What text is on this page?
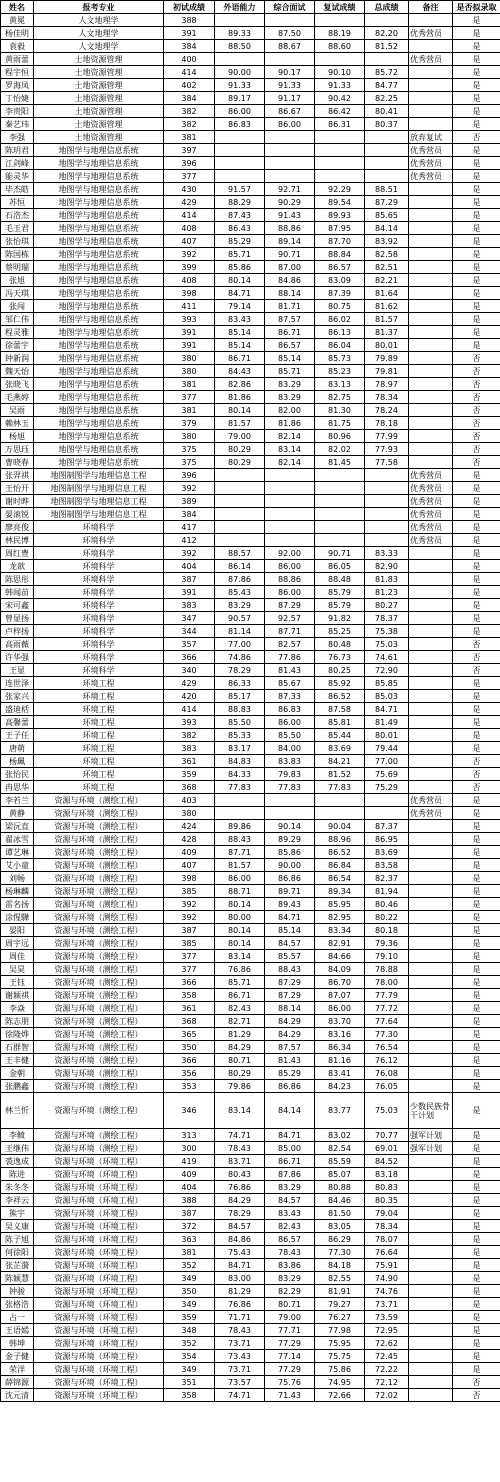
姓名	报考专业	初试成绩	外语能力	综合面试	复试成绩	总成绩	备注	是否拟录取
黄冕	人文地理学	388						是
杨佳明	人文地理学	391	89.33	87.50	88.19	82.20	优秀营员	是
袁毅	人文地理学	384	88.50	88.67	88.60	81.52		是
黄雨蕾	土地资源管理	400					优秀营员	是
程宇恒	土地资源管理	414	90.00	90.17	90.10	85.72		是
罗海凤	土地资源管理	402	91.33	91.33	91.33	84.77		是
丁怡婕	土地资源管理	384	89.17	91.17	90.42	82.25		是
李贵阳	土地资源管理	382	86.00	86.67	86.42	80.41		是
秦艺玮	土地资源管理	382	86.83	86.00	86.31	80.37		是
李强	土地资源管理	381					放弃复试	否
陈玥君	地图学与地理信息系统	397					优秀营员	是
江剑峰	地图学与地理信息系统	396					优秀营员	是
能灵华	地图学与地理信息系统	377					优秀营员	是
毕杰皓	地图学与地理信息系统	430	91.57	92.71	92.29	88.51		是
苏恒	地图学与地理信息系统	429	88.29	90.29	89.54	87.29		是
石浩杰	地图学与地理信息系统	414	87.43	91.43	89.93	85.65		是
毛玉君	地图学与地理信息系统	408	86.43	88.86	87.95	84.14		是
张怡琪	地图学与地理信息系统	407	85.29	89.14	87.70	83.92		是
陈国栋	地图学与地理信息系统	392	85.71	90.71	88.84	82.58		是
蔡明瑞	地图学与地理信息系统	399	85.86	87.00	86.57	82.51		是
张旭	地图学与地理信息系统	408	80.14	84.86	83.09	82.21		是
冯天琪	地图学与地理信息系统	398	84.71	88.14	87.39	81.64		是
张闯	地图学与地理信息系统	411	79.14	81.71	80.75	81.62		是
邹仁伟	地图学与地理信息系统	393	83.43	87.57	86.02	81.57		是
程灵雅	地图学与地理信息系统	391	85.14	86.71	86.13	81.37		是
徐蕾宇	地图学与地理信息系统	391	85.14	86.57	86.04	80.01		是
钟新润	地图学与地理信息系统	380	86.71	85.14	85.73	79.89		否
魏天怡	地图学与地理信息系统	380	84.43	85.71	85.23	79.81		否
张晓飞	地图学与地理信息系统	381	82.86	83.29	83.13	78.97		否
毛燕婷	地图学与地理信息系统	377	81.86	83.29	82.75	78.34		否
吴雨	地图学与地理信息系统	381	80.14	82.00	81.30	78.24		否
赖林玉	地图学与地理信息系统	379	81.57	81.86	81.75	78.18		否
杨旭	地图学与地理信息系统	380	79.00	82.14	80.96	77.99		否
万思珏	地图学与地理信息系统	375	80.29	83.14	82.02	77.93		否
曹晓春	地图学与地理信息系统	375	80.29	82.14	81.45	77.58		否
张羿祺	地图制图学与地理信息工程	396					优秀营员	是
王怡开	地图制图学与地理信息工程	392					优秀营员	是
谢时晔	地图制图学与地理信息工程	389					优秀营员	是
晏滚锐	地图制图学与地理信息工程	384					优秀营员	是
廖亮俊	环境科学	417					优秀营员	是
林民博	环境科学	412					优秀营员	是
周红豊	环境科学	392	88.57	92.00	90.71	83.33		是
龙歆	环境科学	404	86.14	86.00	86.05	82.90		是
陈思彤	环境科学	387	87.86	88.86	88.48	81.83		是
韩闻苗	环境科学	391	85.43	86.00	85.79	81.23		是
宋可鑫	环境科学	383	83.29	87.29	85.79	80.27		是
曾显扬	环境科学	347	90.57	92.57	91.82	78.37		是
卢梓扬	环境科学	344	81.14	87.71	85.25	75.38		是
高雨薇	环境科学	357	77.00	82.57	80.48	75.03		否
许华强	环境科学	366	74.86	77.86	76.73	74.61		否
王显	环境科学	340	78.29	81.43	80.25	72.90		否
连世泽	环境工程	429	86.33	85.67	85.92	85.85		是
张家兴	环境工程	420	85.17	87.33	86.52	85.03		是
盛迪栝	环境工程	414	88.83	86.83	87.58	84.71		是
高馨蕾	环境工程	393	85.50	86.00	85.81	81.49		是
王子任	环境工程	382	85.33	85.50	85.44	80.01		是
唐萌	环境工程	383	83.17	84.00	83.69	79.44		是
杨珮	环境工程	361	84.83	83.83	84.21	77.00		否
张怡民	环境工程	359	84.33	79.83	81.52	75.69		否
冉思华	环境工程	368	77.83	77.83	77.83	75.29		否
李若兰	资源与环境（测绘工程）	403					优秀营员	是
黄静	资源与环境（测绘工程）	380					优秀营员	是
梁沅直	资源与环境（测绘工程）	424	89.86	90.14	90.04	87.37		是
翟冰雪	资源与环境（测绘工程）	428	88.43	89.29	88.96	86.95		是
谭艺琳	资源与环境（测绘工程）	409	87.71	85.86	86.52	83.69		是
艾小童	资源与环境（测绘工程）	407	81.57	90.00	86.84	83.58		是
刘畅	资源与环境（测绘工程）	398	86.00	86.86	86.54	82.37		是
杨琳麟	资源与环境（测绘工程）	385	88.71	89.71	89.34	81.94		是
雷名扬	资源与环境（测绘工程）	392	80.14	89.43	85.95	80.46		是
涂惺驊	资源与环境（测绘工程）	392	80.00	84.71	82.95	80.22		是
晏阳	资源与环境（测绘工程）	387	80.14	85.14	83.34	80.18		是
周宇远	资源与环境（测绘工程）	385	80.14	84.57	82.91	79.36		是
周佳	资源与环境（测绘工程）	377	83.14	85.57	84.66	79.10		是
吴昊	资源与环境（测绘工程）	377	76.86	88.43	84.09	78.88		是
王钰	资源与环境（测绘工程）	366	85.71	87.29	86.70	78.00		是
谢颖祺	资源与环境（测绘工程）	358	86.71	87.29	87.07	77.79		是
李焱	资源与环境（测绘工程）	361	82.43	88.14	86.00	77.72		是
陈志朋	资源与环境（测绘工程）	368	82.71	84.29	83.70	77.64		是
徐隆烨	资源与环境（测绘工程）	365	81.29	84.29	83.16	77.30		是
石群智	资源与环境（测绘工程）	350	84.29	87.57	86.34	76.54		是
王丰健	资源与环境（测绘工程）	366	80.71	81.43	81.16	76.12		是
金朝	资源与环境（测绘工程）	356	80.29	85.29	83.41	76.08		是
张鹏鑫	资源与环境（测绘工程）	353	79.86	86.86	84.23	76.05		是
林兰忻	资源与环境（测绘工程）	346	83.14	84.14	83.77	75.03	少数民族骨干计划	是
李鲼	资源与环境（测绘工程）	313	74.71	84.71	83.02	70.77	强军计划	是
王继伟	资源与环境（测绘工程）	300	78.43	85.00	82.54	69.01	强军计划	是
裘逸成	资源与环境（环境工程）	419	83.71	86.71	85.59	84.52		是
陈进	资源与环境（环境工程）	409	80.43	87.86	85.07	83.18		是
朱冬冬	资源与环境（环境工程）	404	76.86	83.29	80.88	80.83		是
李祥云	资源与环境（环境工程）	388	84.29	84.57	84.46	80.35		是
熊宇	资源与环境（环境工程）	387	78.29	83.43	81.50	79.04		是
吴义康	资源与环境（环境工程）	372	84.57	82.43	83.05	78.34		是
陈子旭	资源与环境（环境工程）	363	84.86	86.57	86.29	78.07		是
何徐阳	资源与环境（环境工程）	381	75.43	78.43	77.30	76.64		是
张芷漪	资源与环境（环境工程）	352	84.71	83.86	84.18	75.91		是
陈颖慧	资源与环境（环境工程）	349	83.00	83.29	82.55	74.90		是
钟骏	资源与环境（环境工程）	350	81.29	82.29	81.91	74.76		是
张格浩	资源与环境（环境工程）	349	76.86	80.71	79.27	73.71		是
占一	资源与环境（环境工程）	359	71.71	79.00	76.27	73.59		是
王语嫣	资源与环境（环境工程）	348	78.43	77.71	77.98	72.95		是
韩坤	资源与环境（环境工程）	352	73.71	77.29	75.95	72.62		是
金子健	资源与环境（环境工程）	354	73.43	77.14	75.75	72.45		是
荣洋	资源与环境（环境工程）	349	73.71	77.29	75.86	72.22		是
薛锦源	资源与环境（环境工程）	351	73.57	75.76	74.95	72.12		否
沈元清	资源与环境（环境工程）	358	74.71	71.43	72.66	72.02		否
